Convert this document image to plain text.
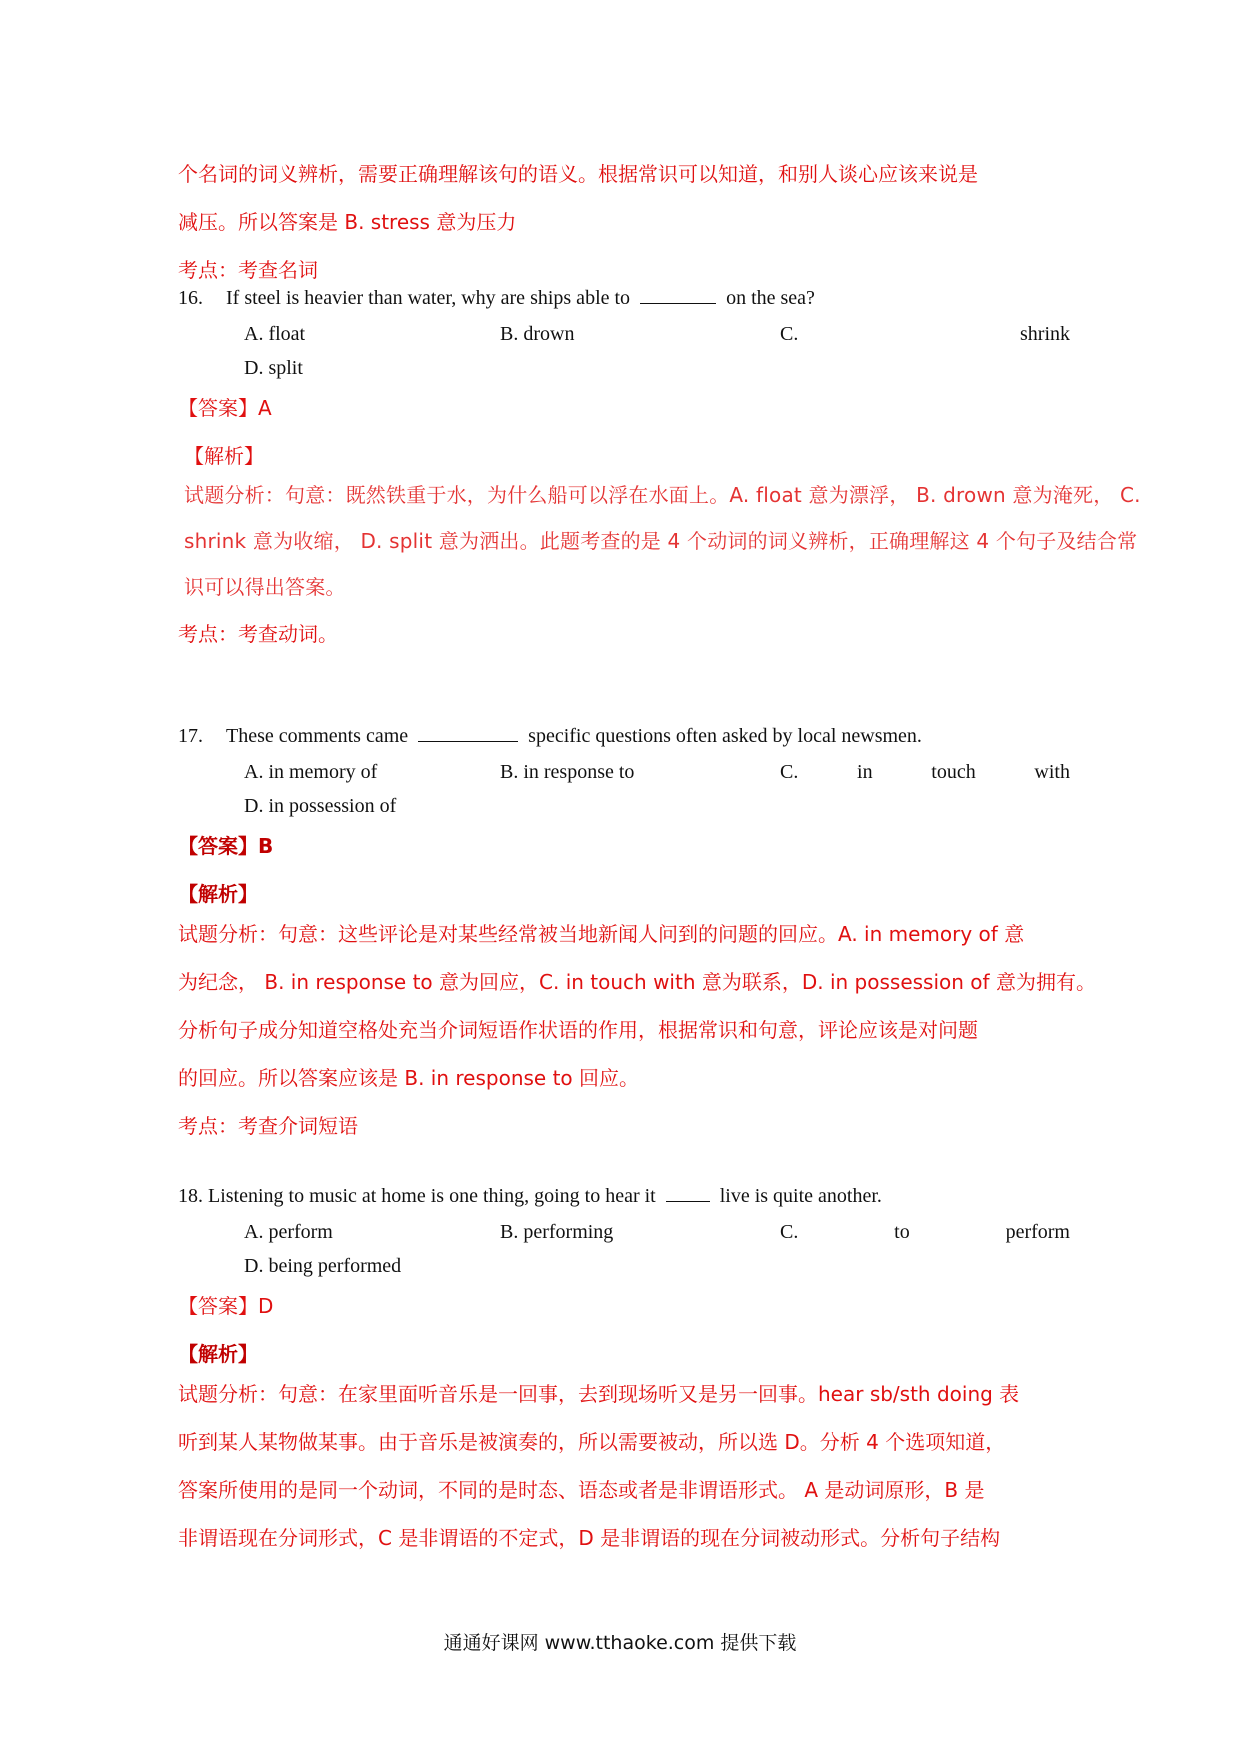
个名词的词义辨析，需要正确理解该句的语义。根据常识可以知道，和别人谈心应该来说是
减压。所以答案是 B. stress 意为压力
考点：考查名词
16. If steel is heavier than water, why are ships able to	on the sea?
A. float	B. drown	C.	shrink
D. split
【答案】A
【解析】
试题分析：句意：既然铁重于水，为什么船可以浮在水面上。A. float 意为漂浮， B. drown 意为淹死， C.
shrink 意为收缩， D. split 意为洒出。此题考查的是 4 个动词的词义辨析，正确理解这 4 个句子及结合常
识可以得出答案。
考点：考查动词。
17. These comments came	specific questions often asked by local newsmen.
A. in memory of	B. in response to	C.	in	touch	with
D. in possession of
【答案】B
【解析】
试题分析：句意：这些评论是对某些经常被当地新闻人问到的问题的回应。A. in memory of 意
为纪念， B. in response to 意为回应，C. in touch with 意为联系，D. in possession of 意为拥有。
分析句子成分知道空格处充当介词短语作状语的作用，根据常识和句意，评论应该是对问题
的回应。所以答案应该是 B. in response to 回应。
考点：考查介词短语
18. Listening to music at home is one thing, going to hear it	live is quite another.
A. perform	B. performing	C.	to	perform
D. being performed
【答案】D
【解析】
试题分析：句意：在家里面听音乐是一回事，去到现场听又是另一回事。hear sb/sth doing 表
听到某人某物做某事。由于音乐是被演奏的，所以需要被动，所以选 D。分析 4 个选项知道，
答案所使用的是同一个动词，不同的是时态、语态或者是非谓语形式。 A 是动词原形，B 是
非谓语现在分词形式，C 是非谓语的不定式，D 是非谓语的现在分词被动形式。分析句子结构
通通好课网 www.tthaoke.com 提供下载
